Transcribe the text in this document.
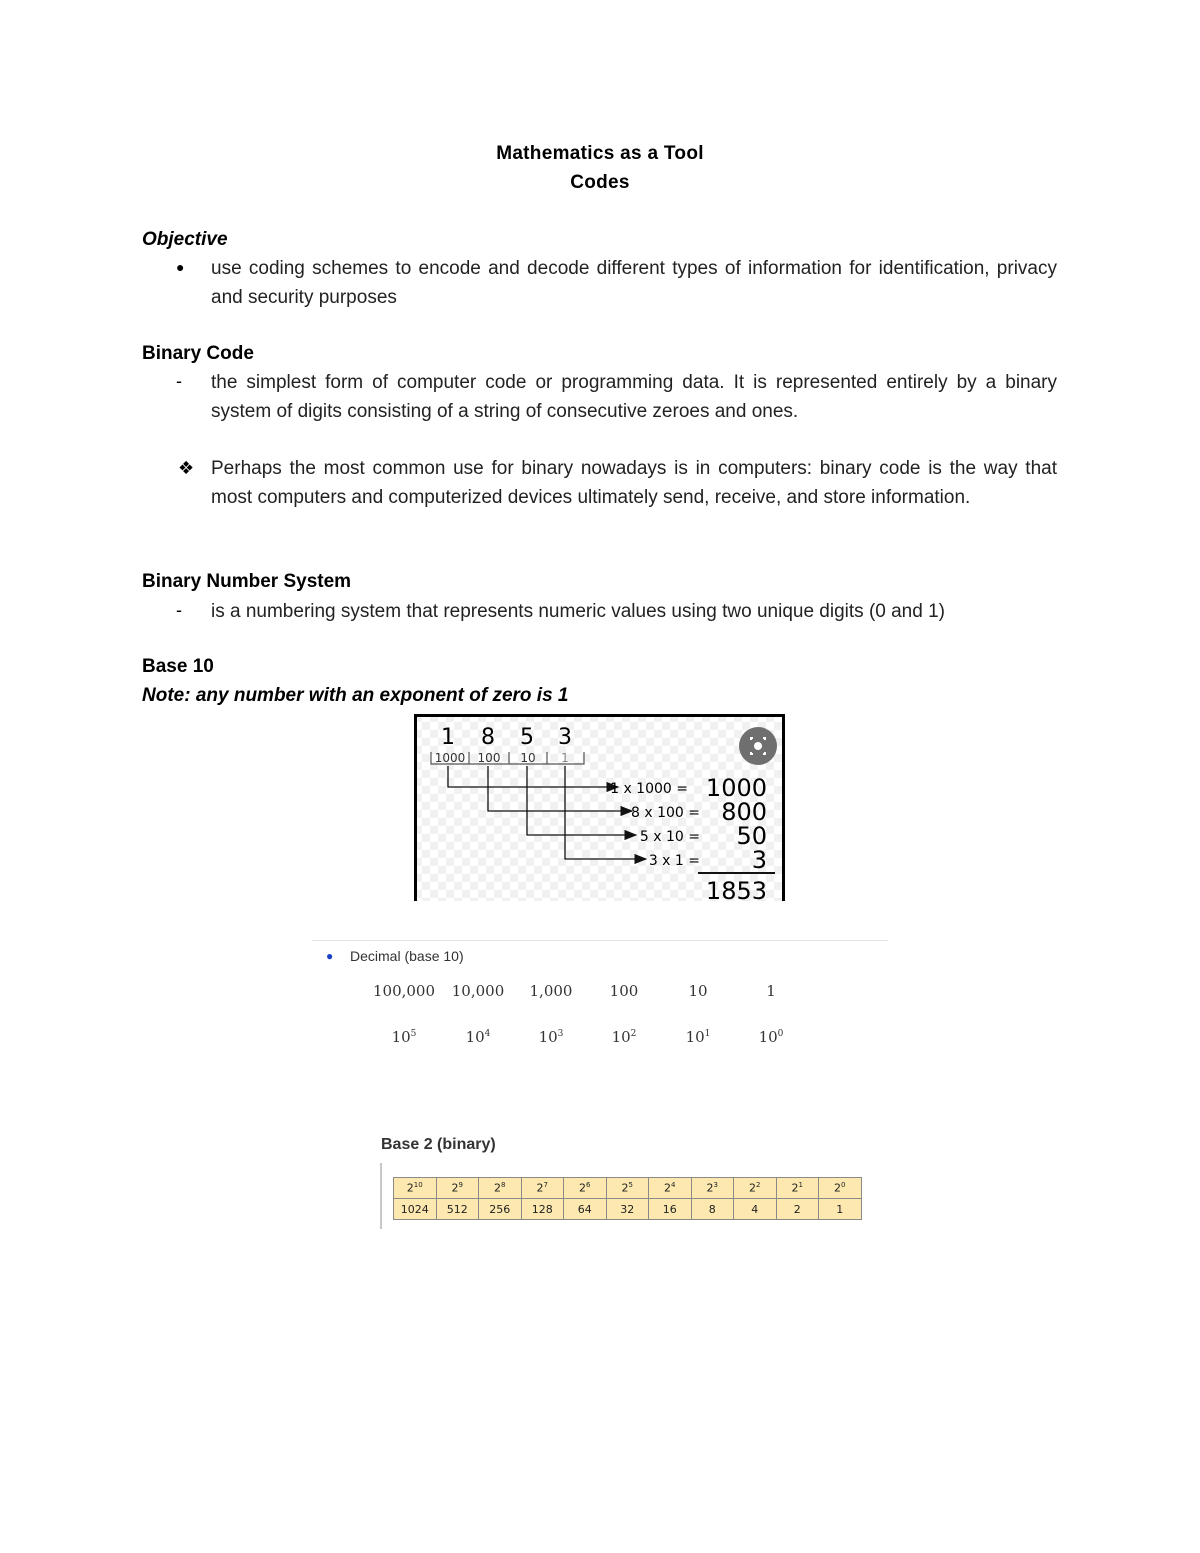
Mathematics as a Tool
Codes
Objective
● use coding schemes to encode and decode different types of information for identification, privacy and security purposes
Binary Code
- the simplest form of computer code or programming data. It is represented entirely by a binary system of digits consisting of a string of consecutive zeroes and ones.
❖ Perhaps the most common use for binary nowadays is in computers: binary code is the way that most computers and computerized devices ultimately send, receive, and store information.
Binary Number System
- is a numbering system that represents numeric values using two unique digits (0 and 1)
Base 10
Note: any number with an exponent of zero is 1
1 8 5 3
1000 100 10 1
1 x 1000 =
8 x 100 =
5 x 10 =
3 x 1 =
1000
800
50
3
1853
● Decimal (base 10)
100,000	10,000	1,000	100	10	1
$10^5$	$10^4$	$10^3$	$10^2$	$10^1$	$10^0$
Base 2 (binary)
$2^{10}$	$2^9$	$2^8$	$2^7$	$2^6$	$2^5$	$2^4$	$2^3$	$2^2$	$2^1$	$2^0$
1024	512	256	128	64	32	16	8	4	2	1
